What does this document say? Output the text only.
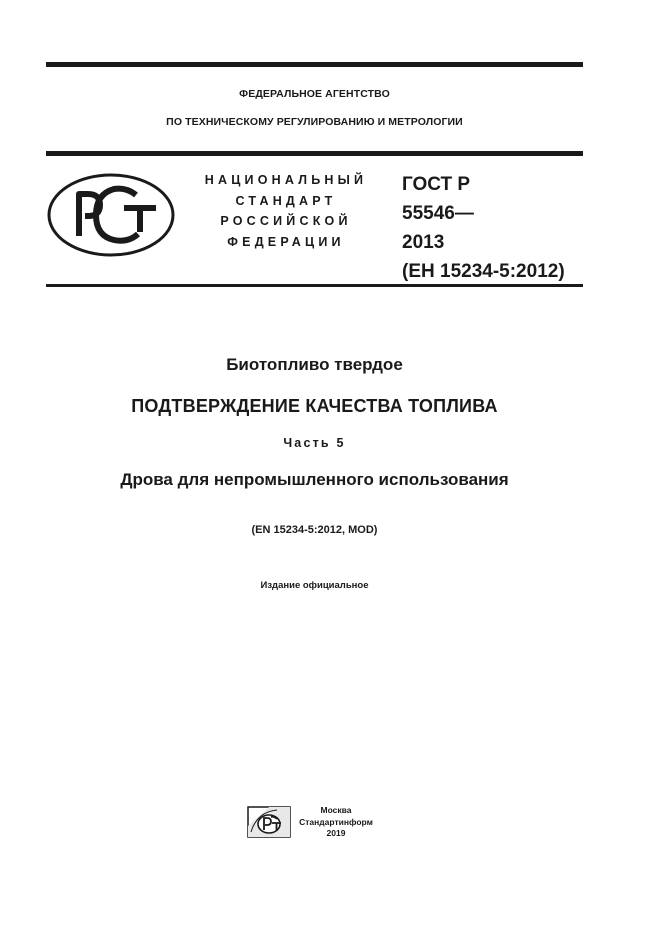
ФЕДЕРАЛЬНОЕ АГЕНТСТВО
ПО ТЕХНИЧЕСКОМУ РЕГУЛИРОВАНИЮ И МЕТРОЛОГИИ
НАЦИОНАЛЬНЫЙ
СТАНДАРТ
РОССИЙСКОЙ
ФЕДЕРАЦИИ
ГОСТ Р
55546—
2013
(ЕН 15234-5:2012)
Биотопливо твердое
ПОДТВЕРЖДЕНИЕ КАЧЕСТВА ТОПЛИВА
Часть 5
Дрова для непромышленного использования
(EN 15234-5:2012, MOD)
Издание официальное
Москва
Стандартинформ
2019
